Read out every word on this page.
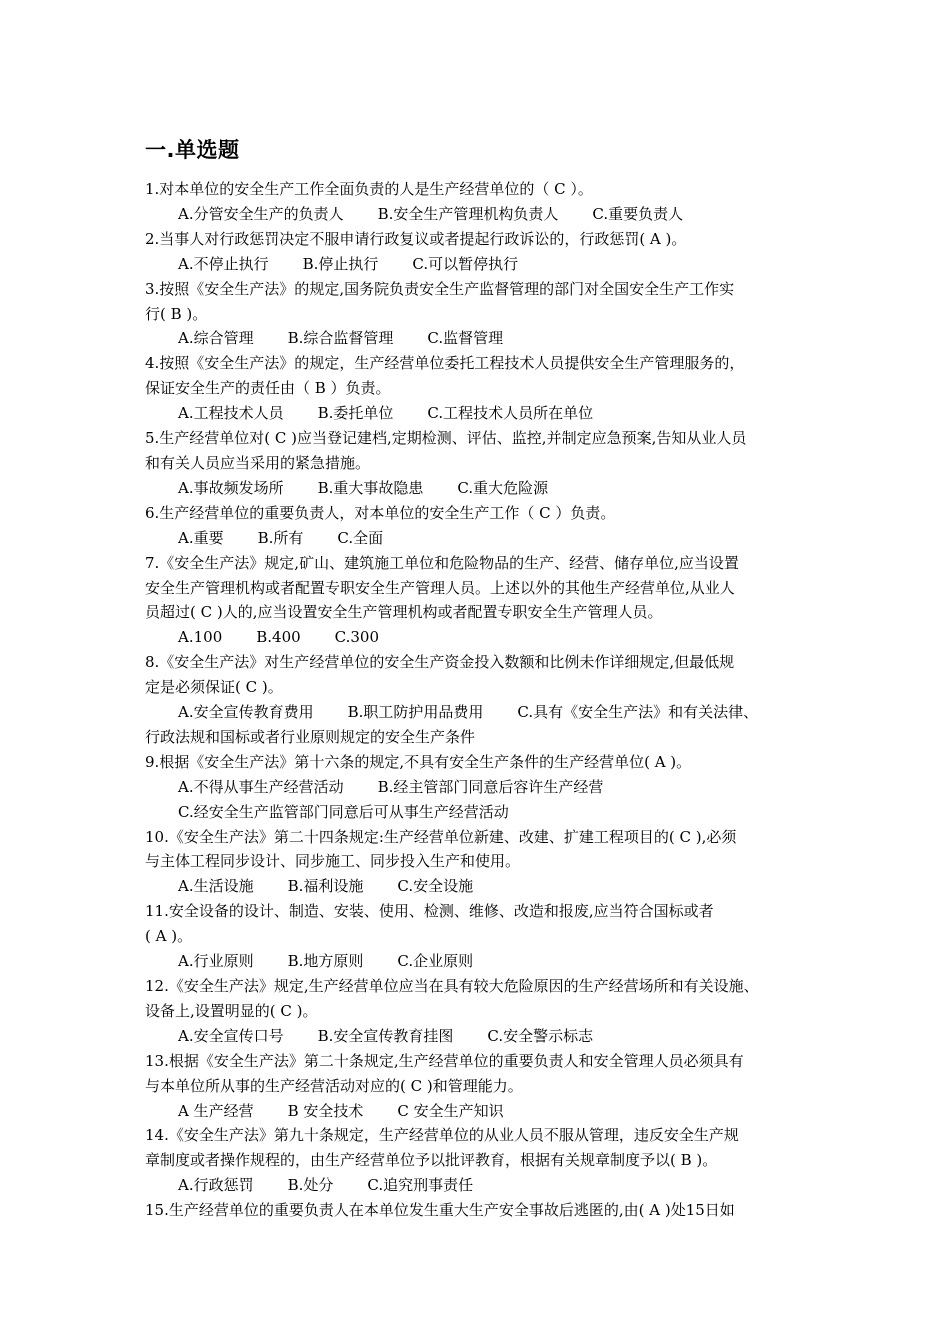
一.单选题
1.对本单位的安全生产工作全面负责的人是生产经营单位的（ C ）。
A.分管安全生产的负责人 B.安全生产管理机构负责人 C.重要负责人
2.当事人对行政惩罚决定不服申请行政复议或者提起行政诉讼的，行政惩罚( A )。
A.不停止执行 B.停止执行 C.可以暂停执行
3.按照《安全生产法》的规定,国务院负责安全生产监督管理的部门对全国安全生产工作实
行( B )。
A.综合管理 B.综合监督管理 C.监督管理
4.按照《安全生产法》的规定，生产经营单位委托工程技术人员提供安全生产管理服务的，
保证安全生产的责任由（ B ）负责。
A.工程技术人员 B.委托单位 C.工程技术人员所在单位
5.生产经营单位对( C )应当登记建档,定期检测、评估、监控,并制定应急预案,告知从业人员
和有关人员应当采用的紧急措施。
A.事故频发场所 B.重大事故隐患 C.重大危险源
6.生产经营单位的重要负责人，对本单位的安全生产工作（ C ）负责。
A.重要 B.所有 C.全面
7.《安全生产法》规定,矿山、建筑施工单位和危险物品的生产、经营、储存单位,应当设置
安全生产管理机构或者配置专职安全生产管理人员。上述以外的其他生产经营单位,从业人
员超过( C )人的,应当设置安全生产管理机构或者配置专职安全生产管理人员。
A.100 B.400 C.300
8.《安全生产法》对生产经营单位的安全生产资金投入数额和比例未作详细规定,但最低规
定是必须保证( C )。
A.安全宣传教育费用 B.职工防护用品费用 C.具有《安全生产法》和有关法律、
行政法规和国标或者行业原则规定的安全生产条件
9.根据《安全生产法》第十六条的规定,不具有安全生产条件的生产经营单位( A )。
A.不得从事生产经营活动 B.经主管部门同意后容许生产经营
C.经安全生产监管部门同意后可从事生产经营活动
10.《安全生产法》第二十四条规定:生产经营单位新建、改建、扩建工程项目的( C ),必须
与主体工程同步设计、同步施工、同步投入生产和使用。
A.生活设施 B.福利设施 C.安全设施
11.安全设备的设计、制造、安装、使用、检测、维修、改造和报废,应当符合国标或者
( A )。
A.行业原则 B.地方原则 C.企业原则
12.《安全生产法》规定,生产经营单位应当在具有较大危险原因的生产经营场所和有关设施、
设备上,设置明显的( C )。
A.安全宣传口号 B.安全宣传教育挂图 C.安全警示标志
13.根据《安全生产法》第二十条规定,生产经营单位的重要负责人和安全管理人员必须具有
与本单位所从事的生产经营活动对应的( C )和管理能力。
A 生产经营 B 安全技术 C 安全生产知识
14.《安全生产法》第九十条规定，生产经营单位的从业人员不服从管理，违反安全生产规
章制度或者操作规程的，由生产经营单位予以批评教育，根据有关规章制度予以( B )。
A.行政惩罚 B.处分 C.追究刑事责任
15.生产经营单位的重要负责人在本单位发生重大生产安全事故后逃匿的,由( A )处15日如
